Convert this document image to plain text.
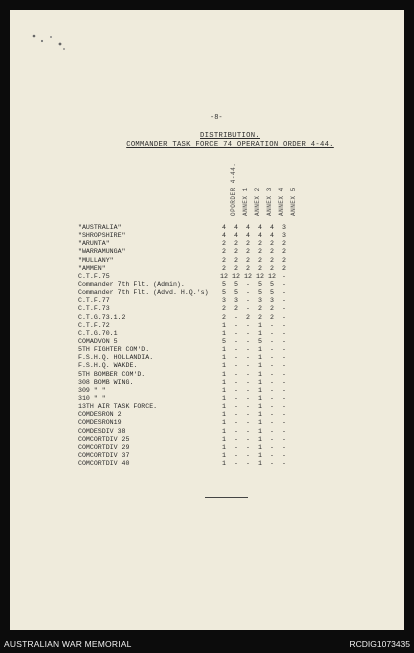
-8-
DISTRIBUTION.
COMMANDER TASK FORCE 74 OPERATION ORDER 4-44.
OPORDER 4-44. ANNEX 1 ANNEX 2 ANNEX 3 ANNEX 4 ANNEX 5
"AUSTRALIA"	4	4	4	4	4	3
"SHROPSHIRE"	4	4	4	4	4	3
"ARUNTA"	2	2	2	2	2	2
"WARRAMUNGA"	2	2	2	2	2	2
"MULLANY"	2	2	2	2	2	2
"AMMEN"	2	2	2	2	2	2
C.T.F.75	12 12 12 12 12 -
Commander 7th Flt. (Admin).	5	5	-	5	5	-
Commander 7th Flt. (Advd. H.Q.'s)	5	5	-	5	5	-
C.T.F.77	3	3	-	3	3	-
C.T.F.73	2	2	-	2	2	-
C.T.G.73.1.2	2	-	2	2	2	-
C.T.F.72	1	-	-	1	-	-
C.T.G.70.1	1	-	-	1	-	-
COMADVON 5	5	-	-	5	-	-
5TH FIGHTER COM'D.	1	-	-	1	-	-
F.S.H.Q. HOLLANDIA.	1	-	-	1	-	-
F.S.H.Q. WAKDE.	1	-	-	1	-	-
5TH BOMBER COM'D.	1	-	-	1	-	-
308 BOMB WING.	1	-	-	1	-	-
309 " "	1	-	-	1	-	-
310 " "	1	-	-	1	-	-
13TH AIR TASK FORCE.	1	-	-	1	-	-
COMDESRON 2	1	-	-	1	-	-
COMDESRON19	1	-	-	1	-	-
COMDESDIV 38	1	-	-	1	-	-
COMCORTDIV 25	1	-	-	1	-	-
COMCORTDIV 29	1	-	-	1	-	-
COMCORTDIV 37	1	-	-	1	-	-
COMCORTDIV 40	1	-	-	1	-	-
AUSTRALIAN WAR MEMORIAL	RCDIG1073435
